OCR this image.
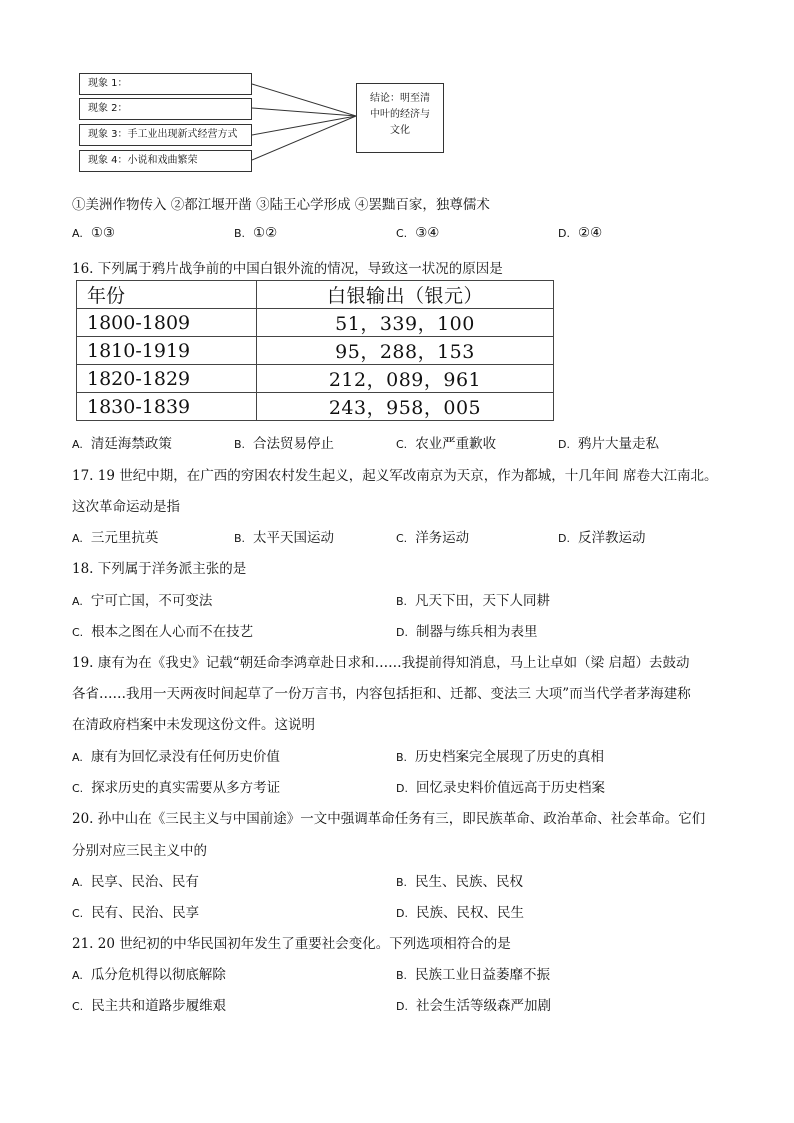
现象 1：
现象 2：
现象 3：手工业出现新式经营方式
现象 4：小说和戏曲繁荣
结论：明至清
中叶的经济与
文化
①美洲作物传入 ②都江堰开凿 ③陆王心学形成 ④罢黜百家，独尊儒术
A. ①③	B. ①②	C. ③④	D. ②④
16. 下列属于鸦片战争前的中国白银外流的情况，导致这一状况的原因是
年份	白银输出（银元）
1800-1809	51，339，100
1810-1919	95，288，153
1820-1829	212，089，961
1830-1839	243，958，005
A. 清廷海禁政策	B. 合法贸易停止	C. 农业严重歉收	D. 鸦片大量走私
17. 19 世纪中期，在广西的穷困农村发生起义，起义军改南京为天京，作为都城，十几年间 席卷大江南北。
这次革命运动是指
A. 三元里抗英	B. 太平天国运动	C. 洋务运动	D. 反洋教运动
18. 下列属于洋务派主张的是
A. 宁可亡国，不可变法	B. 凡天下田，天下人同耕
C. 根本之图在人心而不在技艺	D. 制器与练兵相为表里
19. 康有为在《我史》记载“朝廷命李鸿章赴日求和……我提前得知消息，马上让卓如（梁 启超）去鼓动
各省……我用一天两夜时间起草了一份万言书，内容包括拒和、迁都、变法三 大项”而当代学者茅海建称
在清政府档案中未发现这份文件。这说明
A. 康有为回忆录没有任何历史价值	B. 历史档案完全展现了历史的真相
C. 探求历史的真实需要从多方考证	D. 回忆录史料价值远高于历史档案
20. 孙中山在《三民主义与中国前途》一文中强调革命任务有三，即民族革命、政治革命、社会革命。它们
分别对应三民主义中的
A. 民享、民治、民有	B. 民生、民族、民权
C. 民有、民治、民享	D. 民族、民权、民生
21. 20 世纪初的中华民国初年发生了重要社会变化。下列选项相符合的是
A. 瓜分危机得以彻底解除	B. 民族工业日益萎靡不振
C. 民主共和道路步履维艰	D. 社会生活等级森严加剧
